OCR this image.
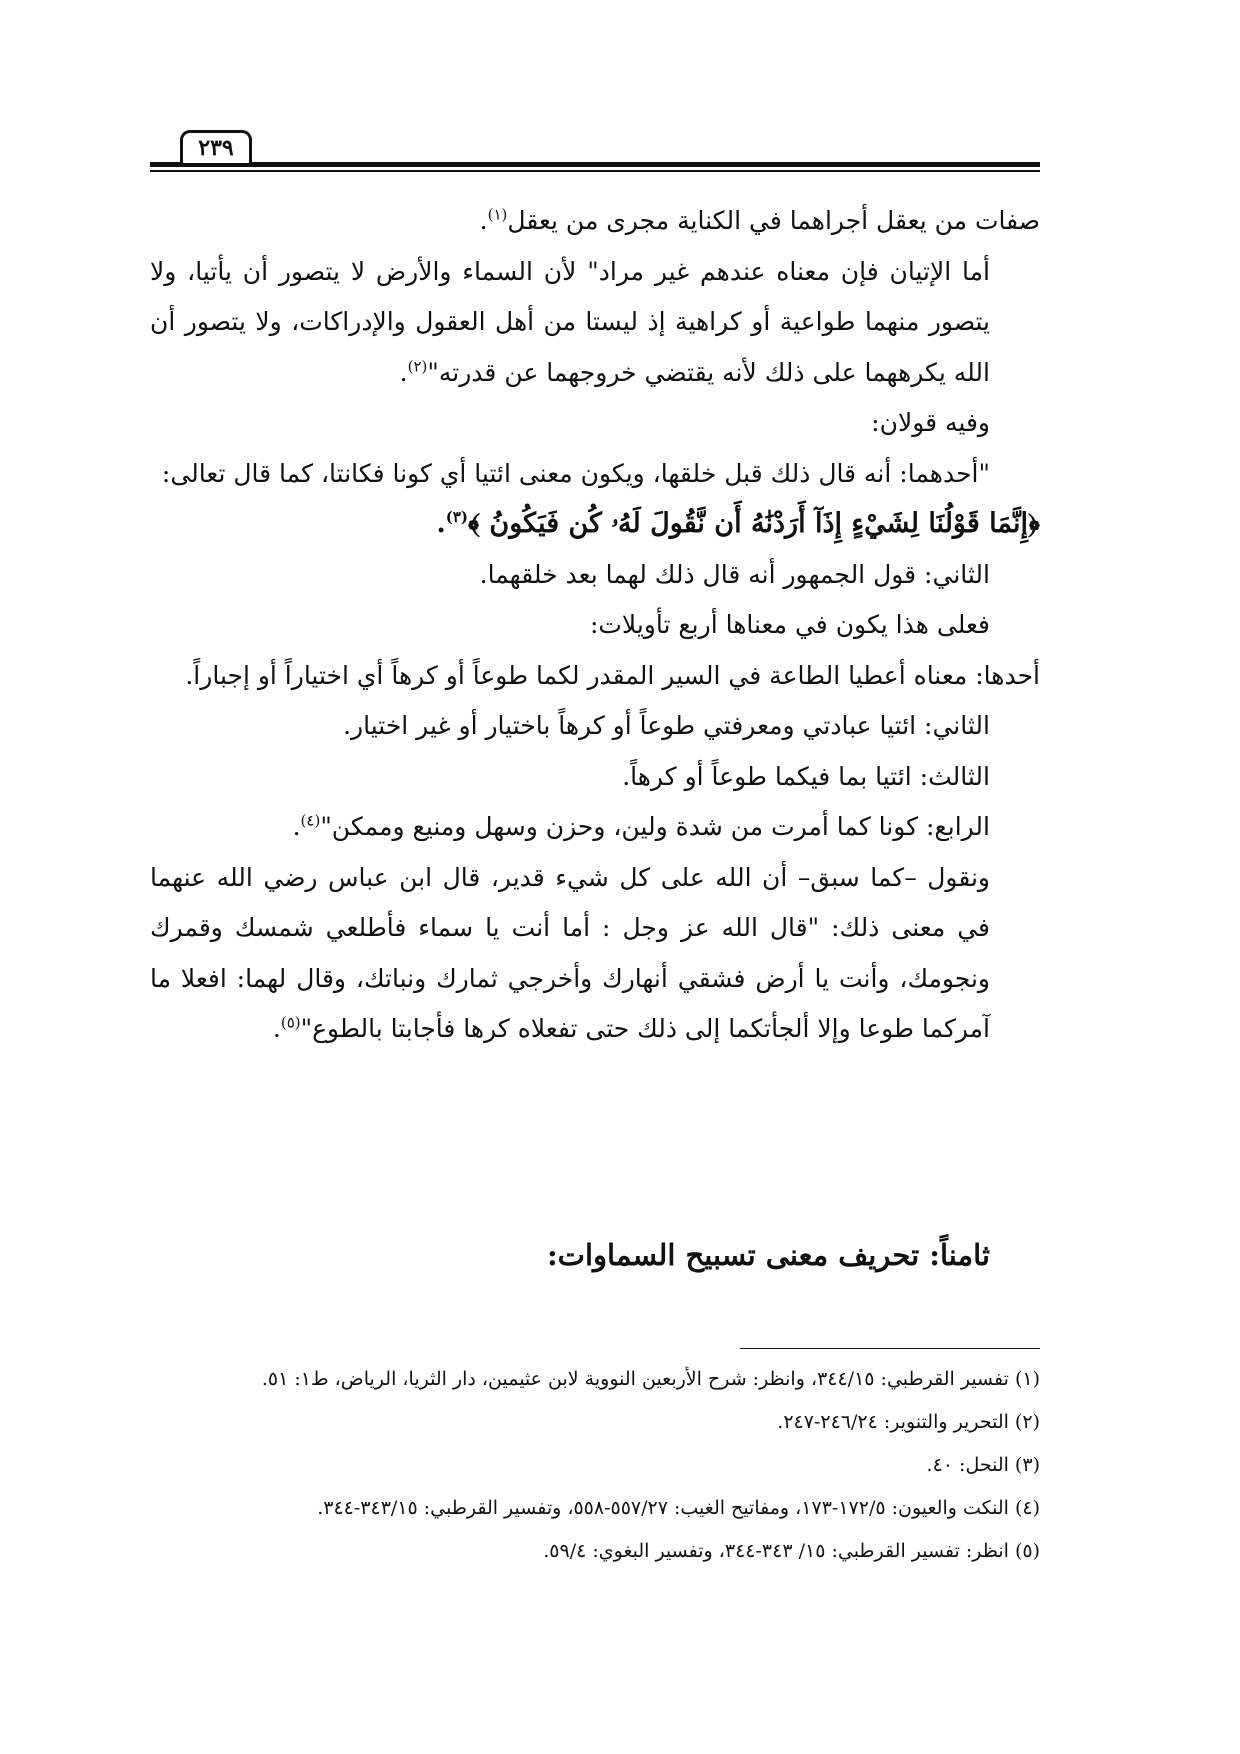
٢٣٩

صفات من يعقل أجراهما في الكناية مجرى من يعقل$^{(١)}$.

أما الإتيان فإن معناه عندهم غير مراد" لأن السماء والأرض لا يتصور أن يأتيا، ولا يتصور منهما طواعية أو كراهية إذ ليستا من أهل العقول والإدراكات، ولا يتصور أن الله يكرههما على ذلك لأنه يقتضي خروجهما عن قدرته"$^{(٢)}$.

وفيه قولان:

"أحدهما: أنه قال ذلك قبل خلقها، ويكون معنى ائتيا أي كونا فكانتا، كما قال تعالى:

﴿إِنَّمَا قَوْلُنَا لِشَيْءٍ إِذَآ أَرَدْنَٰهُ أَن نَّقُولَ لَهُۥ كُن فَيَكُونُ ﴾$^{(٣)}$.

الثاني: قول الجمهور أنه قال ذلك لهما بعد خلقهما.

فعلى هذا يكون في معناها أربع تأويلات:

أحدها: معناه أعطيا الطاعة في السير المقدر لكما طوعاً أو كرهاً أي اختياراً أو إجباراً.

الثاني: ائتيا عبادتي ومعرفتي طوعاً أو كرهاً باختيار أو غير اختيار.

الثالث: ائتيا بما فيكما طوعاً أو كرهاً.

الرابع: كونا كما أمرت من شدة ولين، وحزن وسهل ومنيع وممكن"$^{(٤)}$.

ونقول –كما سبق– أن الله على كل شيء قدير، قال ابن عباس رضي الله عنهما في معنى ذلك: "قال الله عز وجل : أما أنت يا سماء فأطلعي شمسك وقمرك ونجومك، وأنت يا أرض فشقي أنهارك وأخرجي ثمارك ونباتك، وقال لهما: افعلا ما آمركما طوعا وإلا ألجأتكما إلى ذلك حتى تفعلاه كرها فأجابتا بالطوع"$^{(٥)}$.

ثامناً: تحريف معنى تسبيح السماوات:

(١) تفسير القرطبي: ٣٤٤/١٥، وانظر: شرح الأربعين النووية لابن عثيمين، دار الثريا، الرياض، ط١: ٥١.

(٢) التحرير والتنوير: ٢٤٦/٢٤-٢٤٧.

(٣) النحل: ٤٠.

(٤) النكت والعيون: ١٧٢/٥-١٧٣، ومفاتيح الغيب: ٥٥٧/٢٧-٥٥٨، وتفسير القرطبي: ٣٤٣/١٥-٣٤٤.

(٥) انظر: تفسير القرطبي: ١٥/ ٣٤٣-٣٤٤، وتفسير البغوي: ٥٩/٤.
